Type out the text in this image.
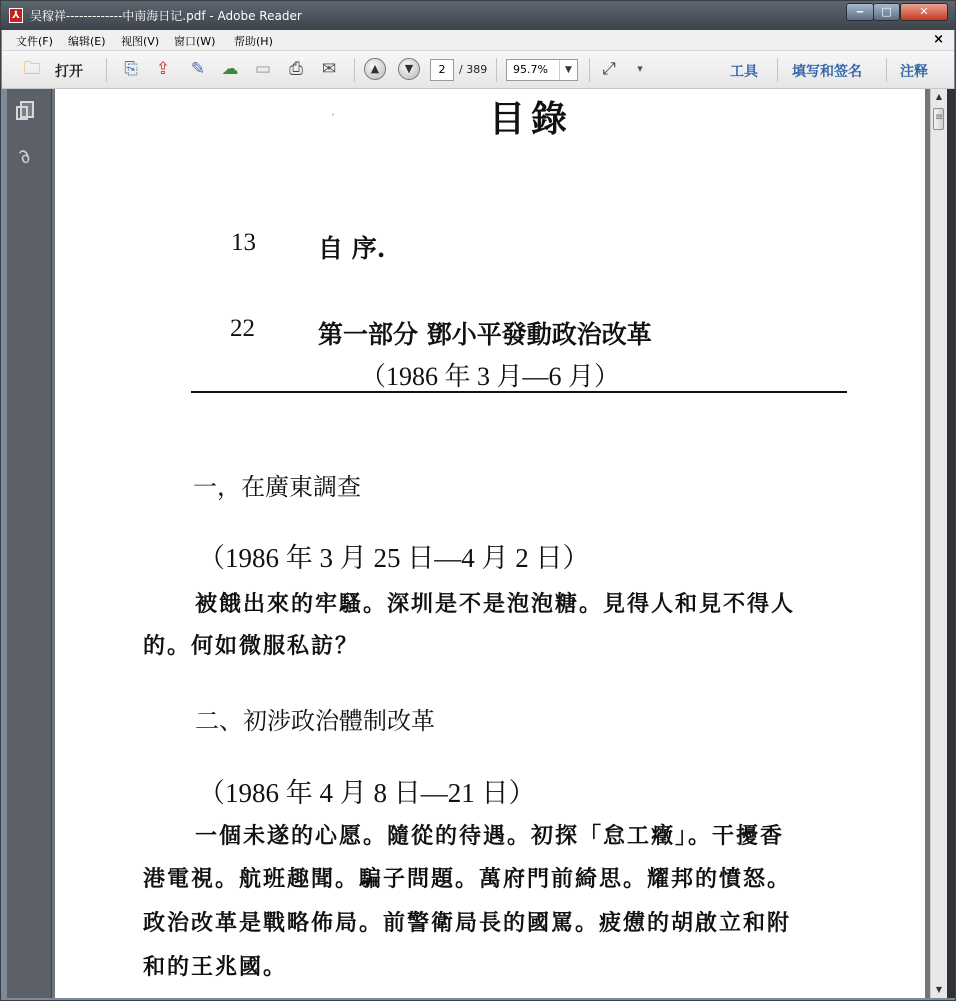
⅄ 吴稼祥-------------中南海日记.pdf - Adobe Reader	‒	□	✕
文件(F) 编辑(E) 视图(V) 窗口(W) 帮助(H)	×
🗀 打开 ⎘ ⇪ ✎ ☁ ▭ ⎙ ✉	▲	▼	2	/ 389 95.7%	▼ ⤢	▾	工具 填写和签名	注释
∂
ˏ	目錄
13 自 序.
22	第一部分 鄧小平發動政治改革
（1986 年 3 月—6 月）
一，在廣東調查
（1986 年 3 月 25 日—4 月 2 日）
被餓出來的牢騷。深圳是不是泡泡糖。見得人和見不得人
的。何如微服私訪？
二、初涉政治體制改革
（1986 年 4 月 8 日—21 日）
一個未遂的心愿。隨從的待遇。初探「怠工癥」。干擾香
港電視。航班趣聞。騙子問題。萬府門前綺思。耀邦的憤怒。
政治改革是戰略佈局。前警衛局長的國罵。疲憊的胡啟立和附
和的王兆國。
▲
≡
▼
